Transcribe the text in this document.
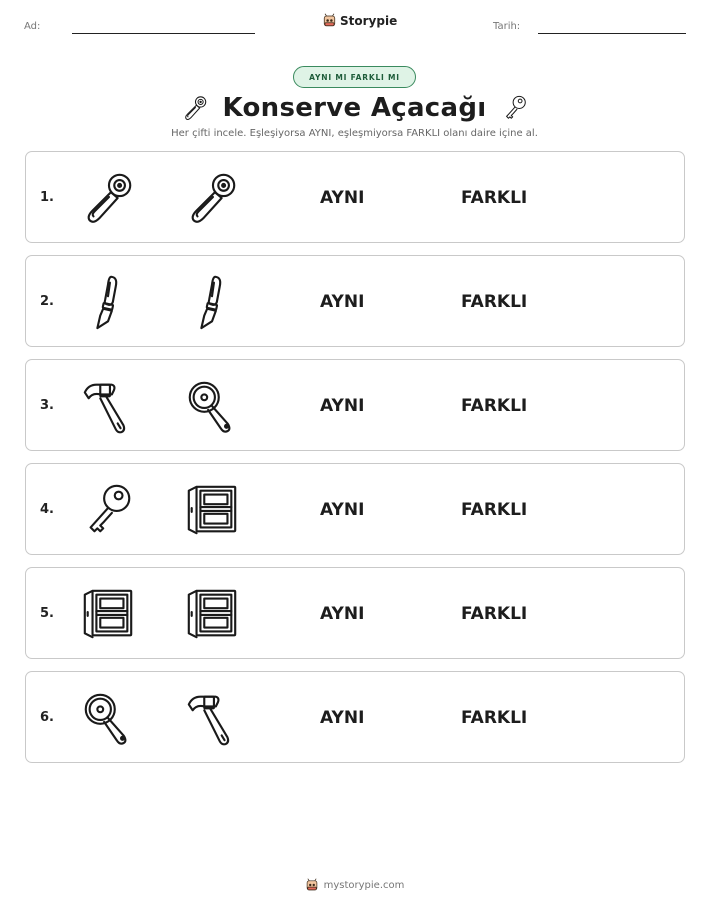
Ad:	Storypie	Tarih:
AYNI MI FARKLI MI
Konserve Açacağı
Her çifti incele. Eşleşiyorsa AYNI, eşleşmiyorsa FARKLI olanı daire içine al.
1.	AYNI	FARKLI
2.	AYNI	FARKLI
3.	AYNI	FARKLI
4.	AYNI	FARKLI
5.	AYNI	FARKLI
6.	AYNI	FARKLI
mystorypie.com
